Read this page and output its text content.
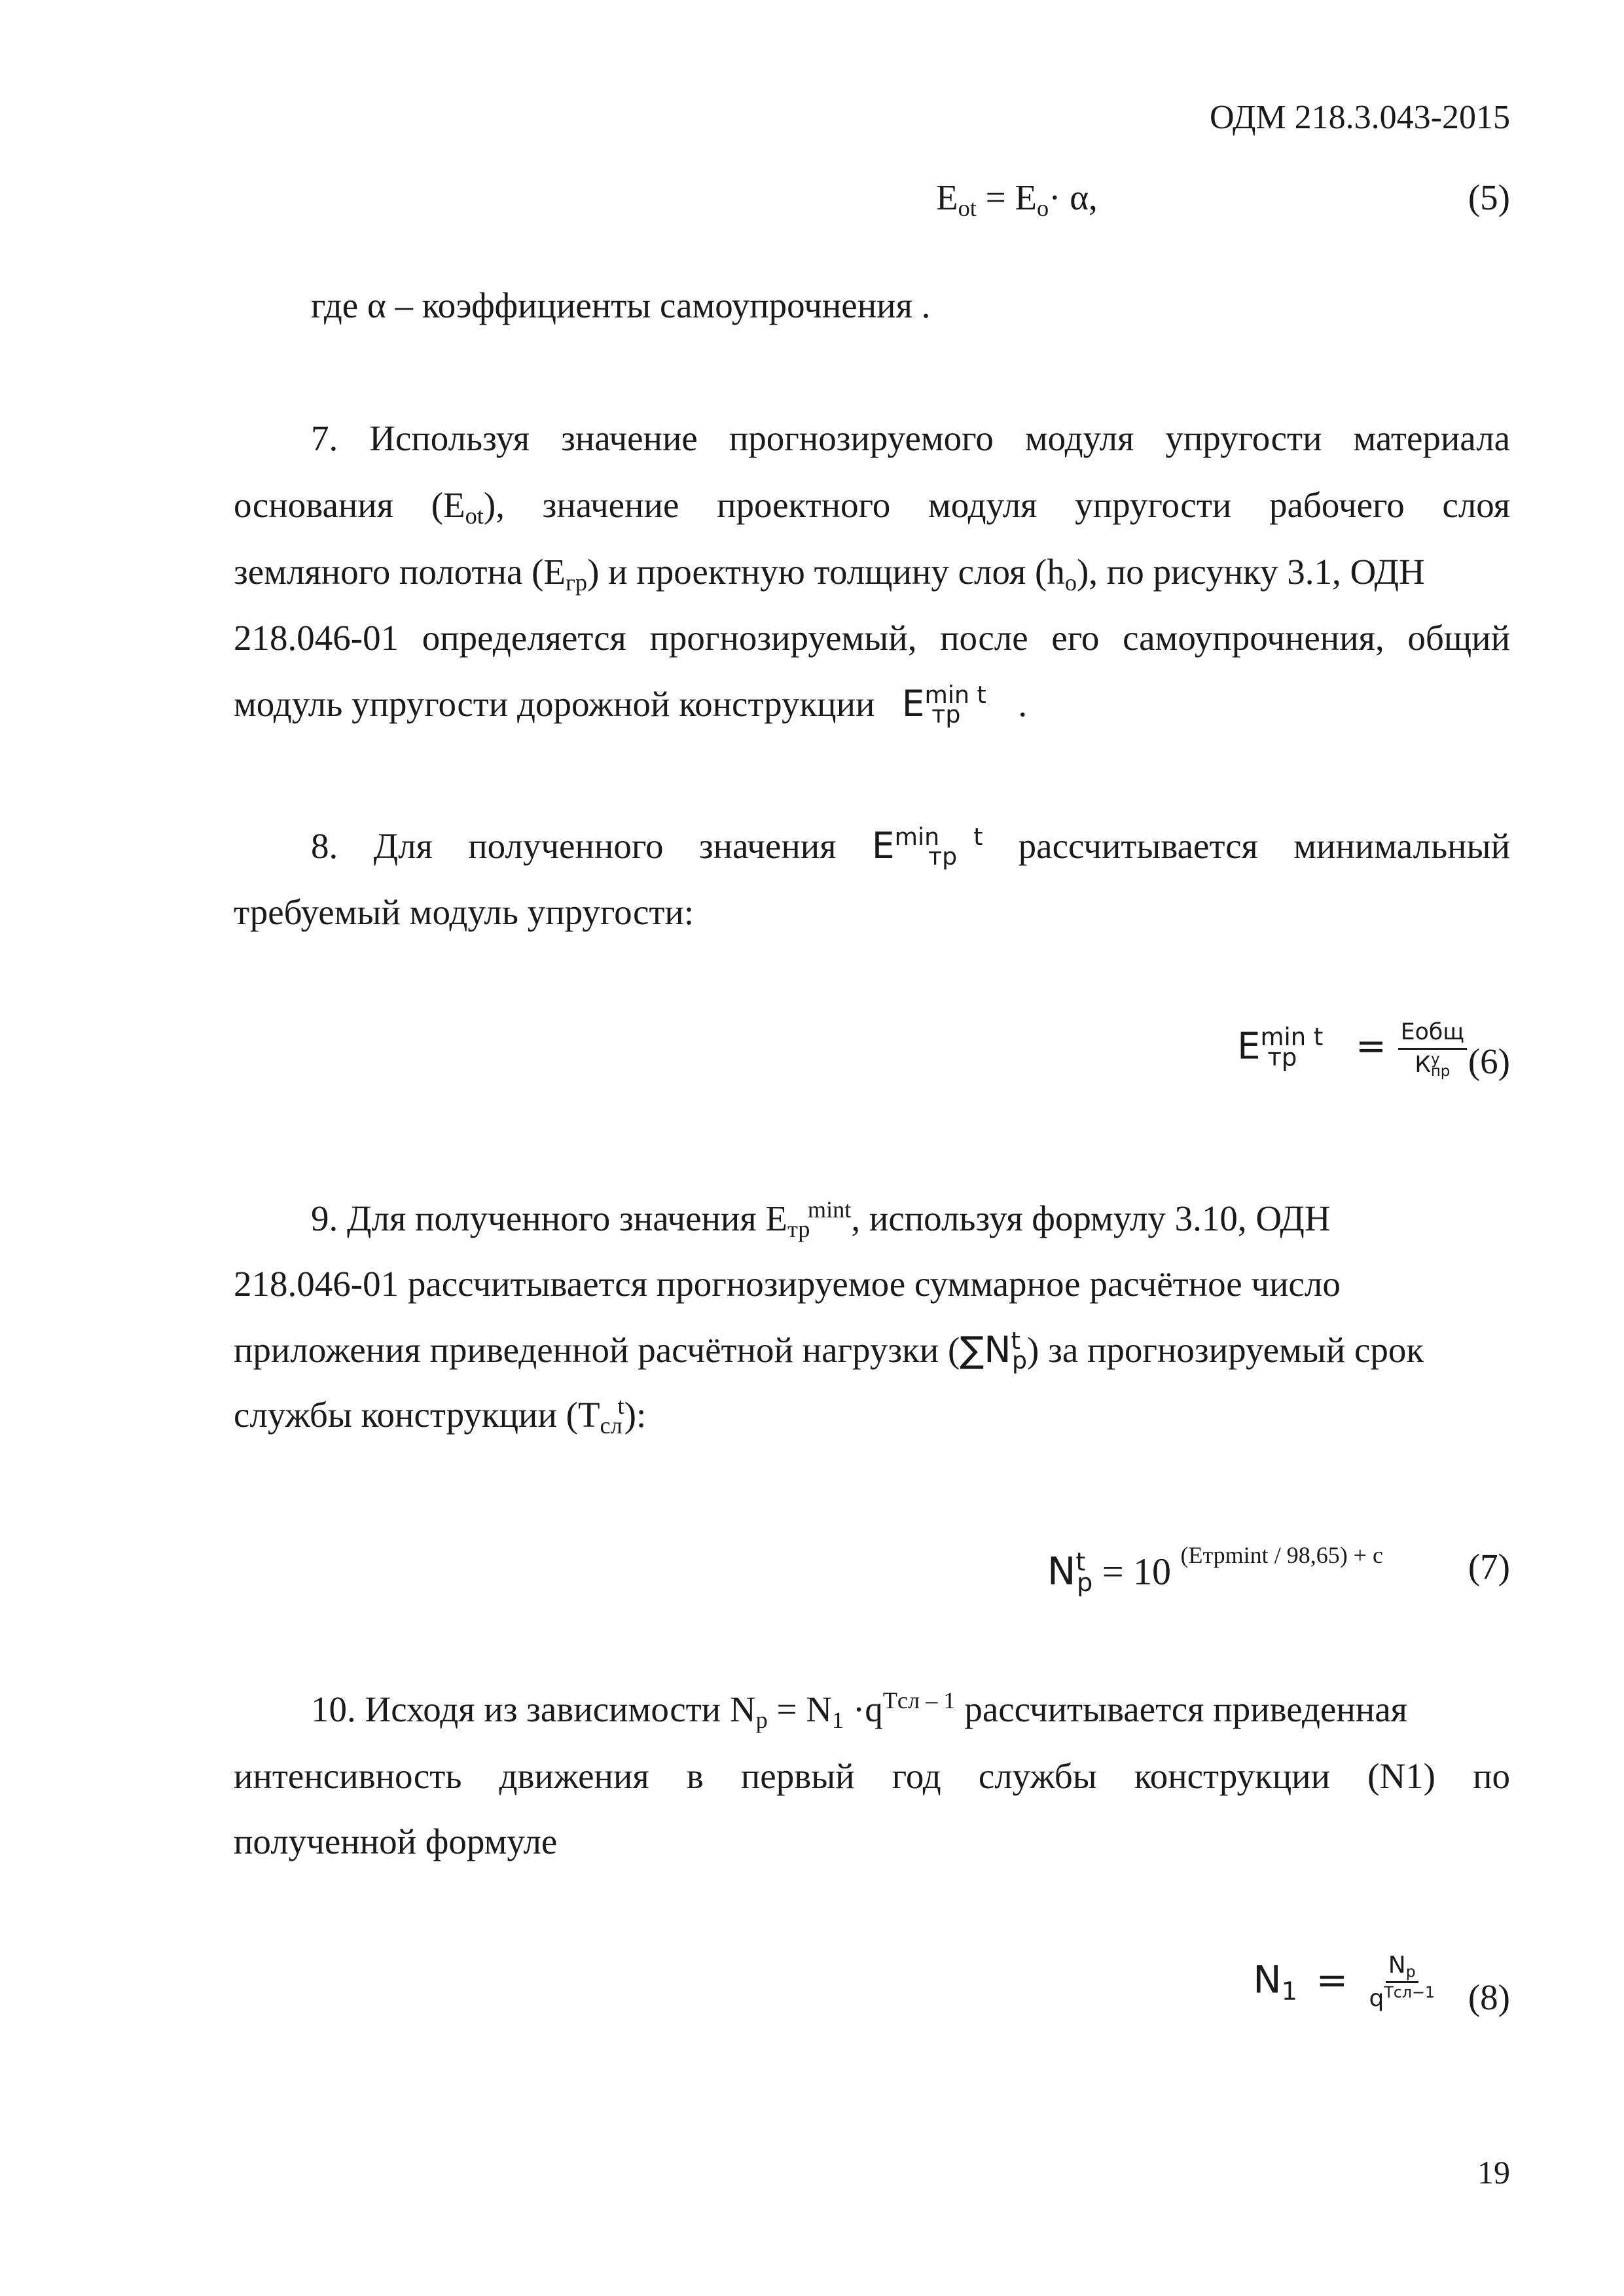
ОДМ 218.3.043-2015
$E_{ot} = E_o\cdot \alpha$,	(5)
где α – коэффициенты самоупрочнения .
7. Используя значение прогнозируемого модуля упругости материала
основания $(E_{ot})$, значение проектного модуля упругости рабочего слоя
земляного полотна $(E_{гр})$ и проектную толщину слоя $(h_o)$, по рисунку 3.1, ОДН
218.046-01 определяется прогнозируемый, после его самоупрочнения, общий
модуль упругости дорожной конструкции $E^{min t}_{тр}$ .
8. Для полученного значения $E^{min t}_{тр}$ рассчитывается минимальный
требуемый модуль упругости:
$E^{min t}_{тр} = \frac{\text{Еобщ}}{К^у_{пр}} (6)$
9. Для полученного значения $E_{тр}^{mint}$, используя формулу 3.10, ОДН
218.046-01 рассчитывается прогнозируемое суммарное расчётное число
приложения приведенной расчётной нагрузки $(\sum N^t_p)$ за прогнозируемый срок
службы конструкции $(T_{сл}^t)$:
$N^t_p = 10$ $^{(Етрmint / 98,65) + c}$ (7)
10. Исходя из зависимости $N_p = N_1 \cdot q^{Tсл - 1}$ рассчитывается приведенная
интенсивность движения в первый год службы конструкции (N1) по
полученной формуле
$N_1 = \frac{N_p}{q^{Tсл-1}} (8)$
19
